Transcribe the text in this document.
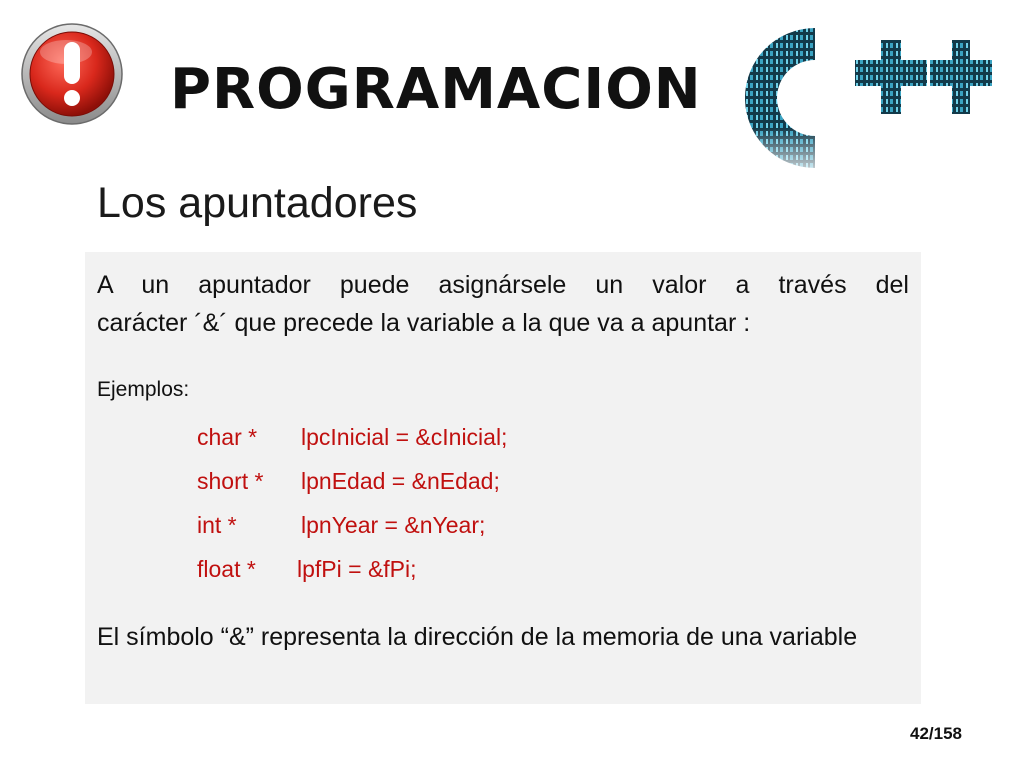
PROGRAMACION
Los apuntadores
A un apuntador puede asignársele un valor a través del
carácter ´&´ que precede la variable a la que va a apuntar :
Ejemplos:
char * lpcInicial = &cInicial;
short * lpnEdad = &nEdad;
int *	lpnYear = &nYear;
float * lpfPi = &fPi;
El símbolo “&” representa la dirección de la memoria de una variable
42/158
